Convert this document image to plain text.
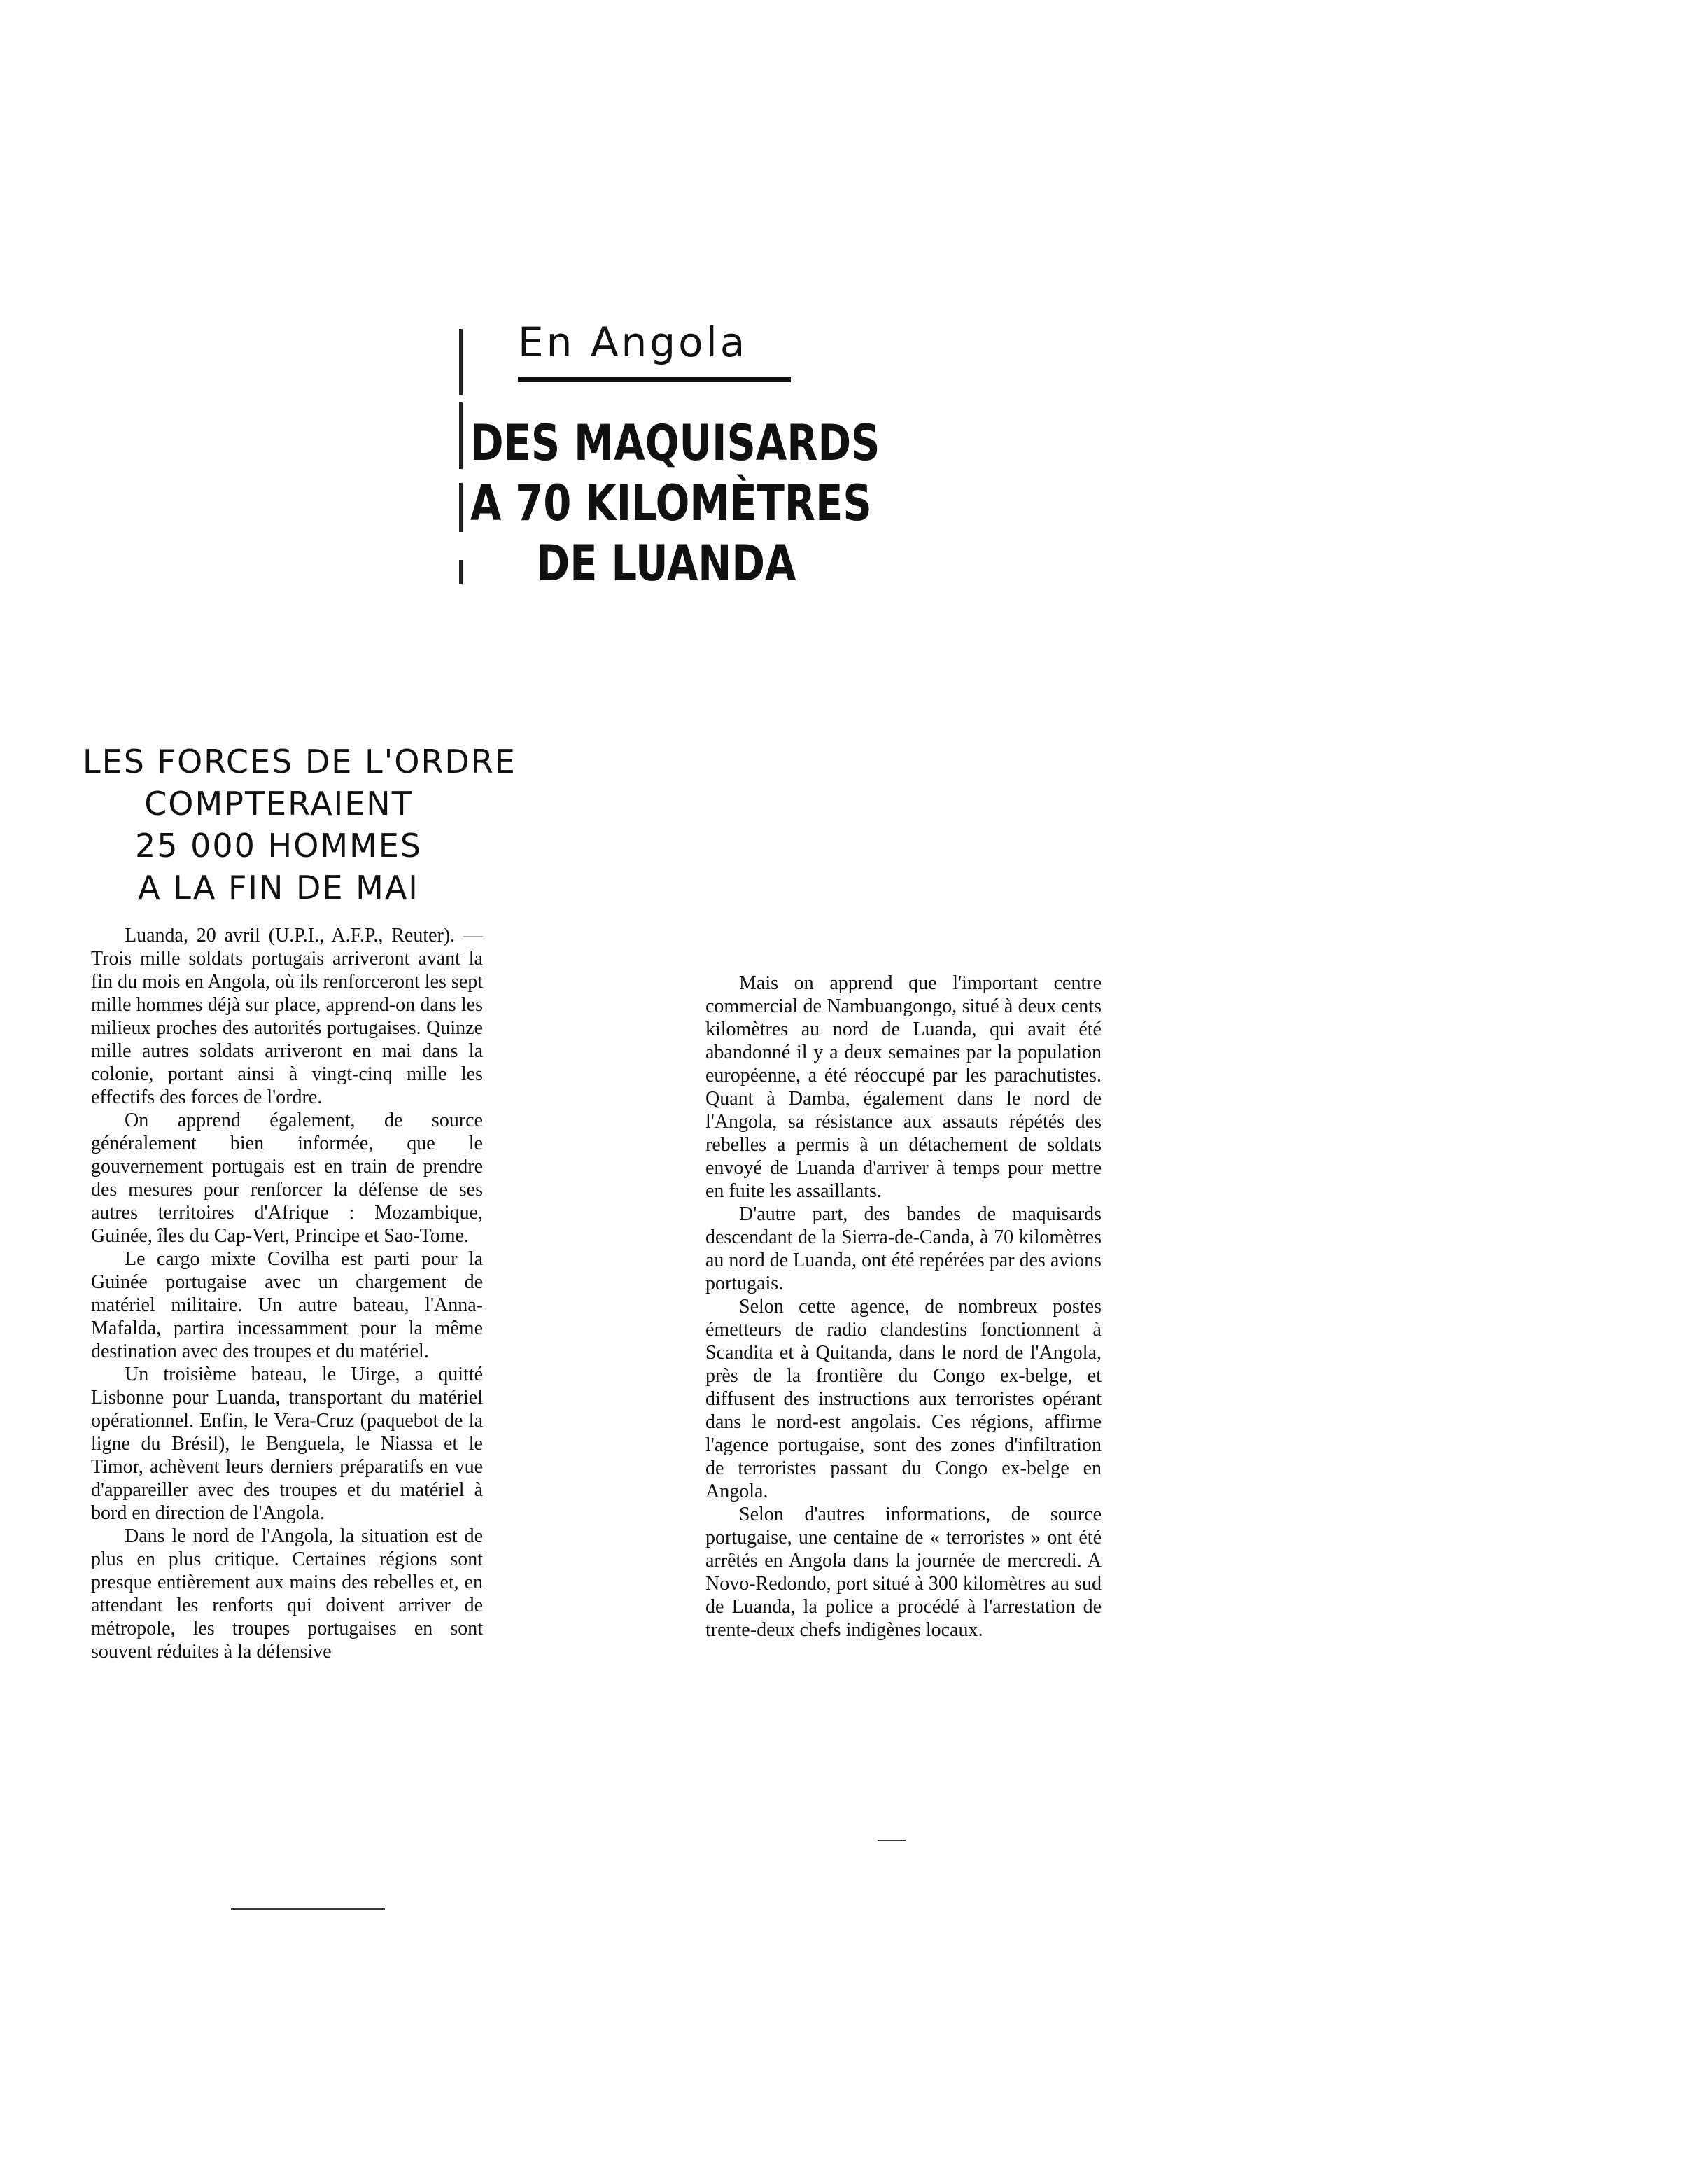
En Angola
DES MAQUISARDS
A 70 KILOMÈTRES
DE LUANDA
LES FORCES DE L'ORDRE
COMPTERAIENT
25 000 HOMMES
A LA FIN DE MAI

Luanda, 20 avril (U.P.I., A.F.P., Reuter). — Trois mille soldats portugais arriveront avant la fin du mois en Angola, où ils renforceront les sept mille hommes déjà sur place, apprend-on dans les milieux proches des autorités portugaises. Quinze mille autres soldats arriveront en mai dans la colonie, portant ainsi à vingt-cinq mille les effectifs des forces de l'ordre.

On apprend également, de source généralement bien informée, que le gouvernement portugais est en train de prendre des mesures pour renforcer la défense de ses autres territoires d'Afrique : Mozambique, Guinée, îles du Cap-Vert, Principe et Sao-Tome.

Le cargo mixte Covilha est parti pour la Guinée portugaise avec un chargement de matériel militaire. Un autre bateau, l'Anna-Mafalda, partira incessamment pour la même destination avec des troupes et du matériel.

Un troisième bateau, le Uirge, a quitté Lisbonne pour Luanda, transportant du matériel opérationnel. Enfin, le Vera-Cruz (paquebot de la ligne du Brésil), le Benguela, le Niassa et le Timor, achèvent leurs derniers préparatifs en vue d'appareiller avec des troupes et du matériel à bord en direction de l'Angola.

Dans le nord de l'Angola, la situation est de plus en plus critique. Certaines régions sont presque entièrement aux mains des rebelles et, en attendant les renforts qui doivent arriver de métropole, les troupes portugaises en sont souvent réduites à la défensive

Mais on apprend que l'important centre commercial de Nambuangongo, situé à deux cents kilomètres au nord de Luanda, qui avait été abandonné il y a deux semaines par la population européenne, a été réoccupé par les parachutistes. Quant à Damba, également dans le nord de l'Angola, sa résistance aux assauts répétés des rebelles a permis à un détachement de soldats envoyé de Luanda d'arriver à temps pour mettre en fuite les assaillants.

D'autre part, des bandes de maquisards descendant de la Sierra-de-Canda, à 70 kilomètres au nord de Luanda, ont été repérées par des avions portugais.

Selon cette agence, de nombreux postes émetteurs de radio clandestins fonctionnent à Scandita et à Quitanda, dans le nord de l'Angola, près de la frontière du Congo ex-belge, et diffusent des instructions aux terroristes opérant dans le nord-est angolais. Ces régions, affirme l'agence portugaise, sont des zones d'infiltration de terroristes passant du Congo ex-belge en Angola.

Selon d'autres informations, de source portugaise, une centaine de « terroristes » ont été arrêtés en Angola dans la journée de mercredi. A Novo-Redondo, port situé à 300 kilomètres au sud de Luanda, la police a procédé à l'arrestation de trente-deux chefs indigènes locaux.
